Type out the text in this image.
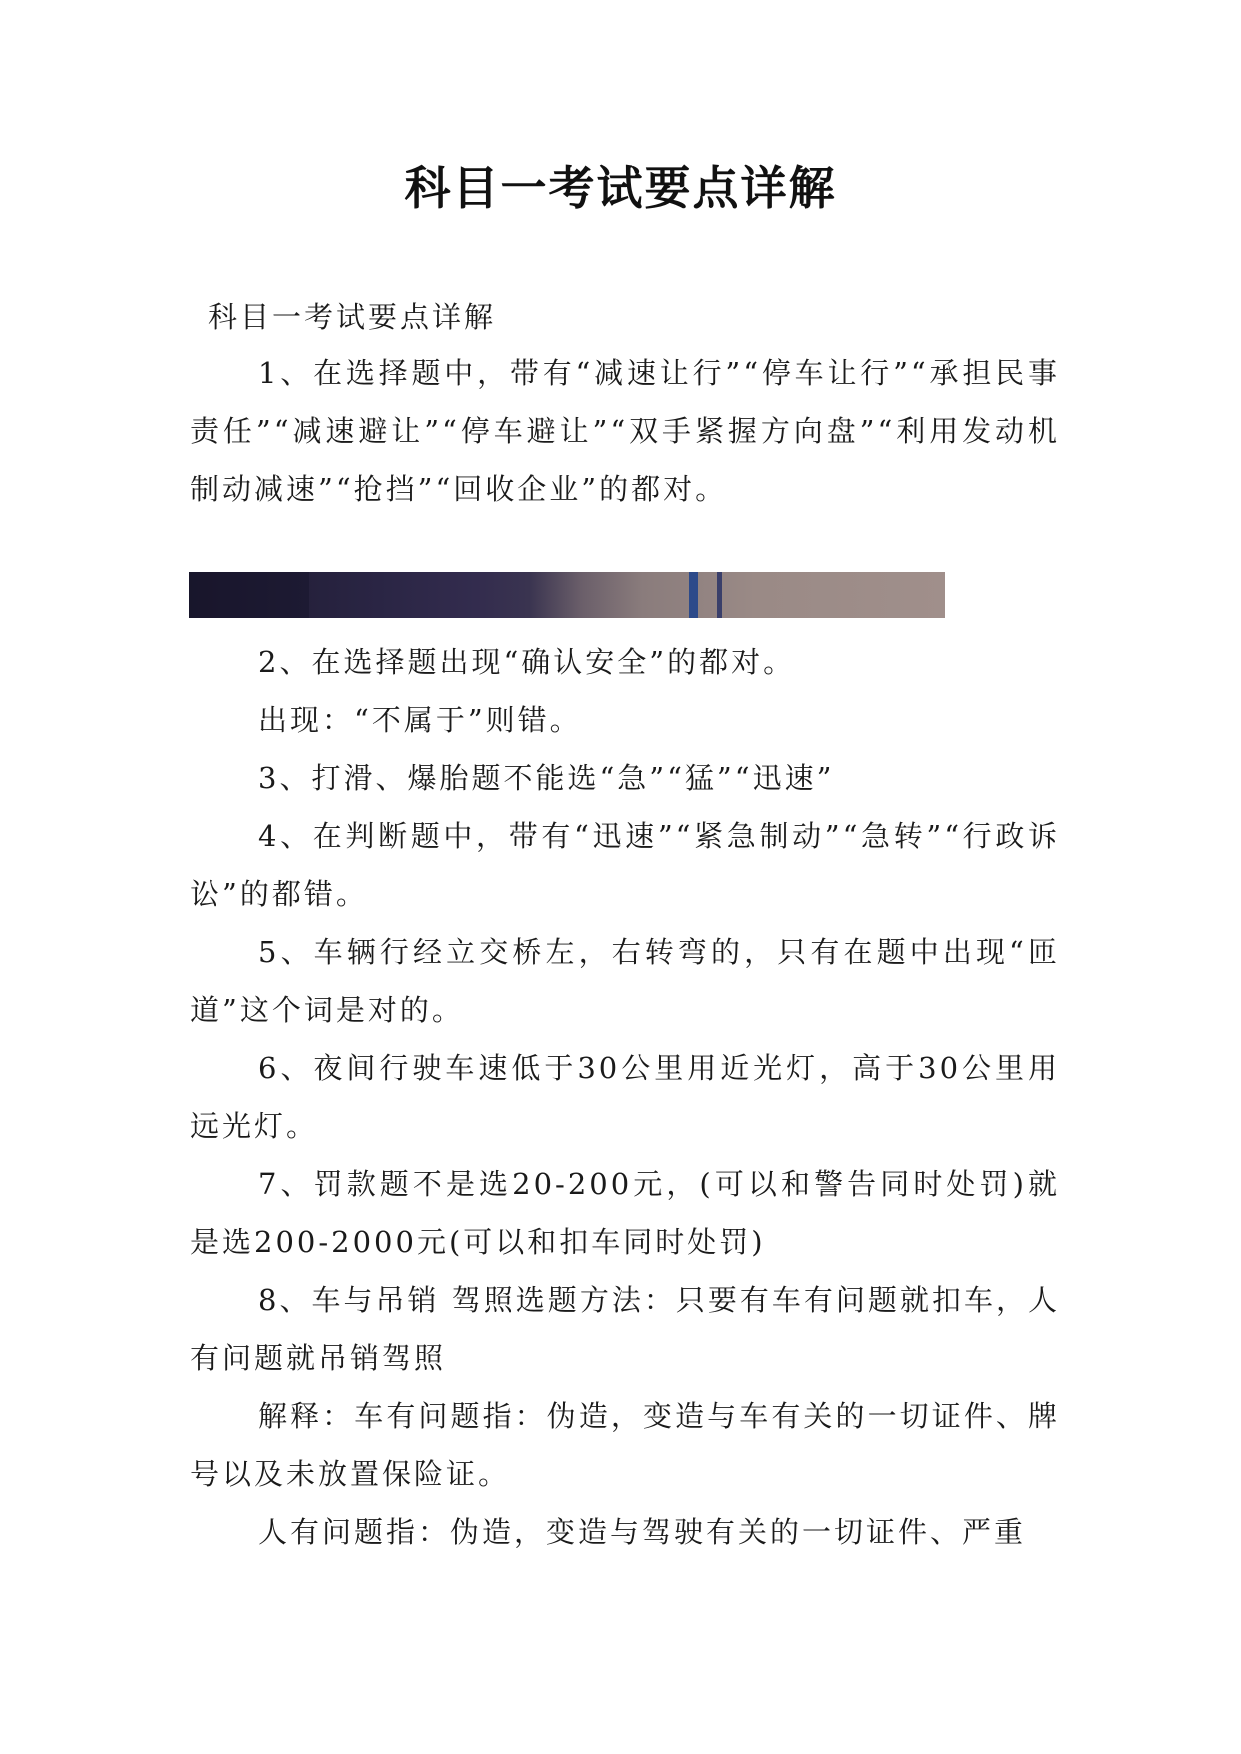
科目一考试要点详解

科目一考试要点详解

1、在选择题中，带有“减速让行”“停车让行”“承担民事责任”“减速避让”“停车避让”“双手紧握方向盘”“利用发动机制动减速”“抢挡”“回收企业”的都对。

2、在选择题出现“确认安全”的都对。

出现：“不属于”则错。

3、打滑、爆胎题不能选“急”“猛”“迅速”

4、在判断题中，带有“迅速”“紧急制动”“急转”“行政诉讼”的都错。

5、车辆行经立交桥左，右转弯的，只有在题中出现“匝道”这个词是对的。

6、夜间行驶车速低于30公里用近光灯，高于30公里用远光灯。

7、罚款题不是选20-200元，(可以和警告同时处罚)就是选200-2000元(可以和扣车同时处罚)

8、车与吊销 驾照选题方法：只要有车有问题就扣车，人有问题就吊销驾照

解释：车有问题指：伪造，变造与车有关的一切证件、牌号以及未放置保险证。

人有问题指：伪造，变造与驾驶有关的一切证件、严重
